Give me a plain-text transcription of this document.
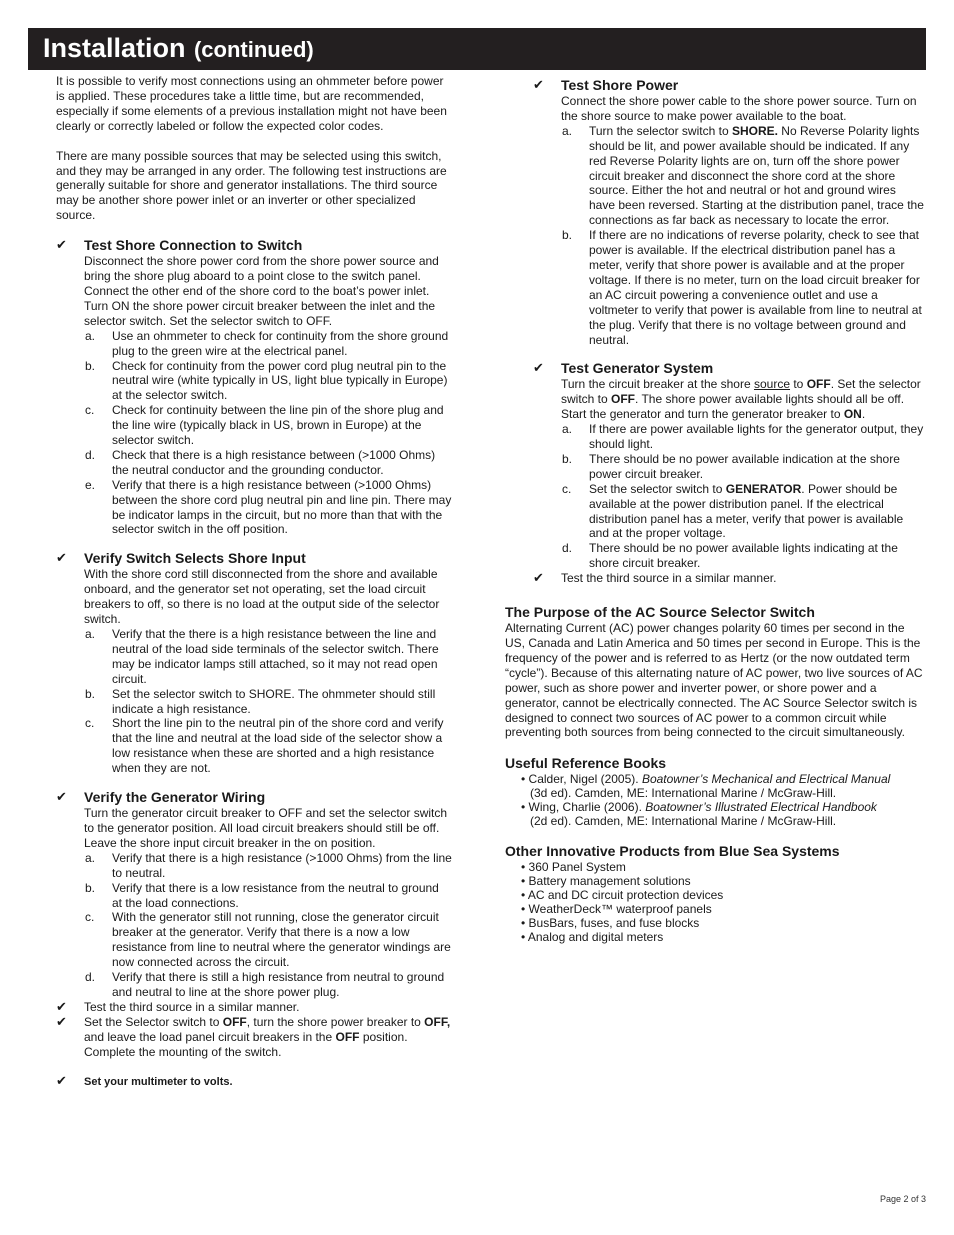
Installation (continued)

It is possible to verify most connections using an ohmmeter before power is applied. These procedures take a little time, but are recommended, especially if some elements of a previous installation might not have been clearly or correctly labeled or follow the expected color codes.

There are many possible sources that may be selected using this switch, and they may be arranged in any order. The following test instructions are generally suitable for shore and generator installations. The third source may be another shore power inlet or an inverter or other specialized source.

✔ Test Shore Connection to Switch

Disconnect the shore power cord from the shore power source and bring the shore plug aboard to a point close to the switch panel. Connect the other end of the shore cord to the boat’s power inlet. Turn ON the shore power circuit breaker between the inlet and the selector switch. Set the selector switch to OFF.

a. Use an ohmmeter to check for continuity from the shore ground plug to the green wire at the electrical panel.
b. Check for continuity from the power cord plug neutral pin to the neutral wire (white typically in US, light blue typically in Europe) at the selector switch.
c. Check for continuity between the line pin of the shore plug and the line wire (typically black in US, brown in Europe) at the selector switch.
d. Check that there is a high resistance between (>1000 Ohms) the neutral conductor and the grounding conductor.
e. Verify that there is a high resistance between (>1000 Ohms) between the shore cord plug neutral pin and line pin. There may be indicator lamps in the circuit, but no more than that with the selector switch in the off position.
✔ Verify Switch Selects Shore Input

With the shore cord still disconnected from the shore and available onboard, and the generator set not operating, set the load circuit breakers to off, so there is no load at the output side of the selector switch.

a. Verify that the there is a high resistance between the line and neutral of the load side terminals of the selector switch. There may be indicator lamps still attached, so it may not read open circuit.
b. Set the selector switch to SHORE. The ohmmeter should still indicate a high resistance.
c. Short the line pin to the neutral pin of the shore cord and verify that the line and neutral at the load side of the selector show a low resistance when these are shorted and a high resistance when they are not.
✔ Verify the Generator Wiring

Turn the generator circuit breaker to OFF and set the selector switch to the generator position. All load circuit breakers should still be off. Leave the shore input circuit breaker in the on position.

a. Verify that there is a high resistance (>1000 Ohms) from the line to neutral.
b. Verify that there is a low resistance from the neutral to ground at the load connections.
c. With the generator still not running, close the generator circuit breaker at the generator. Verify that there is a now a low resistance from line to neutral where the generator windings are now connected across the circuit.
d. Verify that there is still a high resistance from neutral to ground and neutral to line at the shore power plug.
✔ Test the third source in a similar manner.
✔ Set the Selector switch to OFF, turn the shore power breaker to OFF, and leave the load panel circuit breakers in the OFF position. Complete the mounting of the switch.
✔ Set your multimeter to volts.
✔ Test Shore Power

Connect the shore power cable to the shore power source. Turn on the shore source to make power available to the boat.

a. Turn the selector switch to SHORE. No Reverse Polarity lights should be lit, and power available should be indicated. If any red Reverse Polarity lights are on, turn off the shore power circuit breaker and disconnect the shore cord at the shore source. Either the hot and neutral or hot and ground wires have been reversed. Starting at the distribution panel, trace the connections as far back as necessary to locate the error.
b. If there are no indications of reverse polarity, check to see that power is available. If the electrical distribution panel has a meter, verify that shore power is available and at the proper voltage. If there is no meter, turn on the load circuit breaker for an AC circuit powering a convenience outlet and use a voltmeter to verify that power is available from line to neutral at the plug. Verify that there is no voltage between ground and neutral.
✔ Test Generator System

Turn the circuit breaker at the shore source to OFF. Set the selector switch to OFF. The shore power available lights should all be off. Start the generator and turn the generator breaker to ON.

a. If there are power available lights for the generator output, they should light.
b. There should be no power available indication at the shore power circuit breaker.
c. Set the selector switch to GENERATOR. Power should be available at the power distribution panel. If the electrical distribution panel has a meter, verify that power is available and at the proper voltage.
d. There should be no power available lights indicating at the shore circuit breaker.
✔ Test the third source in a similar manner.
The Purpose of the AC Source Selector Switch

Alternating Current (AC) power changes polarity 60 times per second in the US, Canada and Latin America and 50 times per second in Europe. This is the frequency of the power and is referred to as Hertz (or the now outdated term “cycle”). Because of this alternating nature of AC power, two live sources of AC power, such as shore power and inverter power, or shore power and a generator, cannot be electrically connected. The AC Source Selector switch is designed to connect two sources of AC power to a common circuit while preventing both sources from being connected to the circuit simultaneously.

Useful Reference Books
• Calder, Nigel (2005). Boatowner’s Mechanical and Electrical Manual
(3d ed). Camden, ME: International Marine / McGraw-Hill.
• Wing, Charlie (2006). Boatowner’s Illustrated Electrical Handbook
(2d ed). Camden, ME: International Marine / McGraw-Hill.
Other Innovative Products from Blue Sea Systems
• 360 Panel System
• Battery management solutions
• AC and DC circuit protection devices
• WeatherDeck™ waterproof panels
• BusBars, fuses, and fuse blocks
• Analog and digital meters
Page 2 of 3
